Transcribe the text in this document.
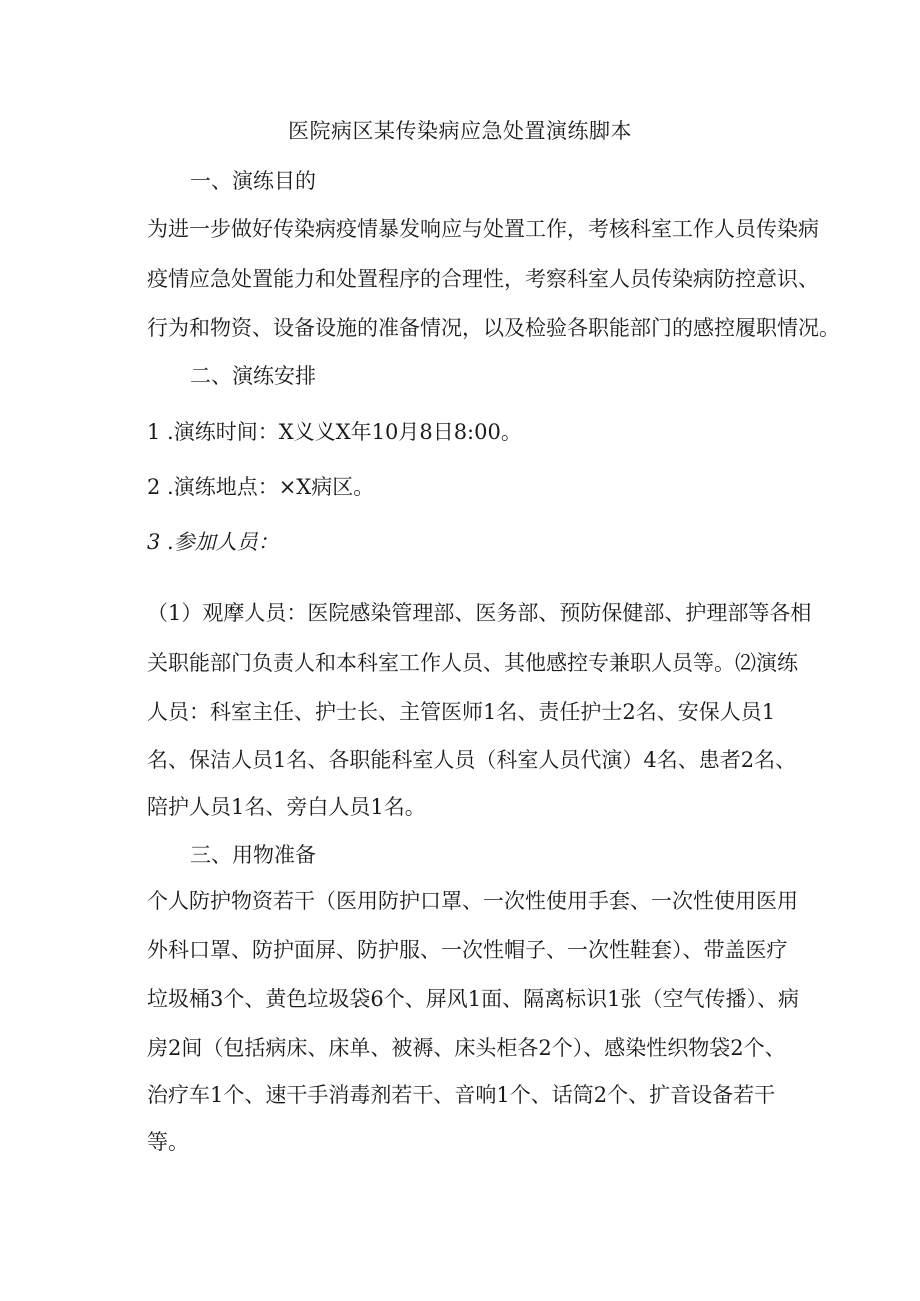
医院病区某传染病应急处置演练脚本
一、演练目的
为进一步做好传染病疫情暴发响应与处置工作，考核科室工作人员传染病
疫情应急处置能力和处置程序的合理性，考察科室人员传染病防控意识、
行为和物资、设备设施的准备情况，以及检验各职能部门的感控履职情况。
二、演练安排
1 .演练时间：X义义X年10月8日8:00。
2 .演练地点：×X病区。
3 .参加人员：
（1）观摩人员：医院感染管理部、医务部、预防保健部、护理部等各相
关职能部门负责人和本科室工作人员、其他感控专兼职人员等。⑵演练
人员：科室主任、护士长、主管医师1名、责任护士2名、安保人员1
名、保洁人员1名、各职能科室人员（科室人员代演）4名、患者2名、
陪护人员1名、旁白人员1名。
三、用物准备
个人防护物资若干（医用防护口罩、一次性使用手套、一次性使用医用
外科口罩、防护面屏、防护服、一次性帽子、一次性鞋套）、带盖医疗
垃圾桶3个、黄色垃圾袋6个、屏风1面、隔离标识1张（空气传播）、病
房2间（包括病床、床单、被褥、床头柜各2个）、感染性织物袋2个、
治疗车1个、速干手消毒剂若干、音响1个、话筒2个、扩音设备若干
等。
